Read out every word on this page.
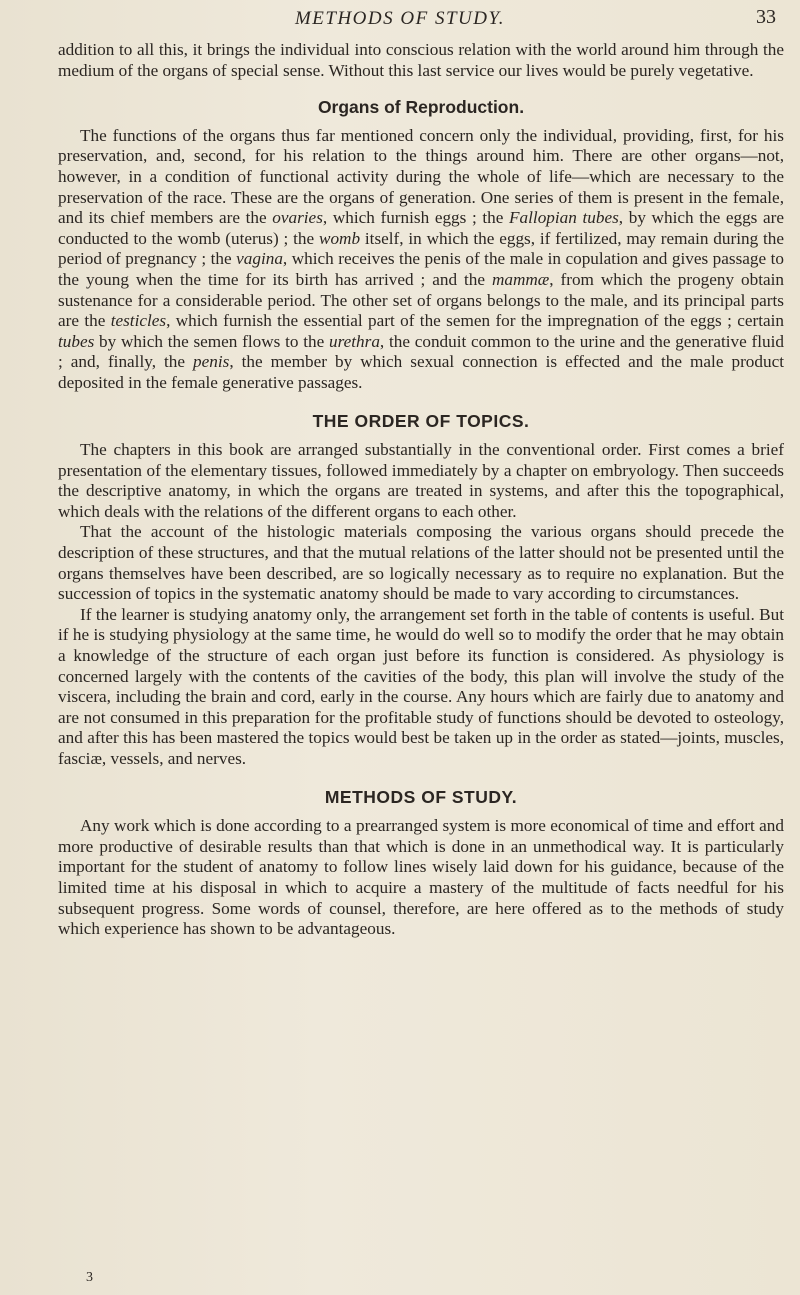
METHODS OF STUDY.	33

addition to all this, it brings the individual into conscious relation with the world around him through the medium of the organs of special sense. Without this last service our lives would be purely vegetative.

Organs of Reproduction.

The functions of the organs thus far mentioned concern only the individual, providing, first, for his preservation, and, second, for his relation to the things around him. There are other organs—not, however, in a condition of functional activity during the whole of life—which are necessary to the preservation of the race. These are the organs of generation. One series of them is present in the female, and its chief members are the ovaries, which furnish eggs ; the Fallopian tubes, by which the eggs are conducted to the womb (uterus) ; the womb itself, in which the eggs, if fertilized, may remain during the period of pregnancy ; the vagina, which receives the penis of the male in copulation and gives passage to the young when the time for its birth has arrived ; and the mammæ, from which the progeny obtain sustenance for a considerable period. The other set of organs belongs to the male, and its principal parts are the testicles, which furnish the essential part of the semen for the impregnation of the eggs ; certain tubes by which the semen flows to the urethra, the conduit common to the urine and the generative fluid ; and, finally, the penis, the member by which sexual connection is effected and the male product deposited in the female generative passages.

THE ORDER OF TOPICS.

The chapters in this book are arranged substantially in the conventional order. First comes a brief presentation of the elementary tissues, followed immediately by a chapter on embryology. Then succeeds the descriptive anatomy, in which the organs are treated in systems, and after this the topographical, which deals with the relations of the different organs to each other.

That the account of the histologic materials composing the various organs should precede the description of these structures, and that the mutual relations of the latter should not be presented until the organs themselves have been described, are so logically necessary as to require no explanation. But the succession of topics in the systematic anatomy should be made to vary according to circumstances.

If the learner is studying anatomy only, the arrangement set forth in the table of contents is useful. But if he is studying physiology at the same time, he would do well so to modify the order that he may obtain a knowledge of the structure of each organ just before its function is considered. As physiology is concerned largely with the contents of the cavities of the body, this plan will involve the study of the viscera, including the brain and cord, early in the course. Any hours which are fairly due to anatomy and are not consumed in this preparation for the profitable study of functions should be devoted to osteology, and after this has been mastered the topics would best be taken up in the order as stated—joints, muscles, fasciæ, vessels, and nerves.

METHODS OF STUDY.

Any work which is done according to a prearranged system is more economical of time and effort and more productive of desirable results than that which is done in an unmethodical way. It is particularly important for the student of anatomy to follow lines wisely laid down for his guidance, because of the limited time at his disposal in which to acquire a mastery of the multitude of facts needful for his subsequent progress. Some words of counsel, therefore, are here offered as to the methods of study which experience has shown to be advantageous.

3
